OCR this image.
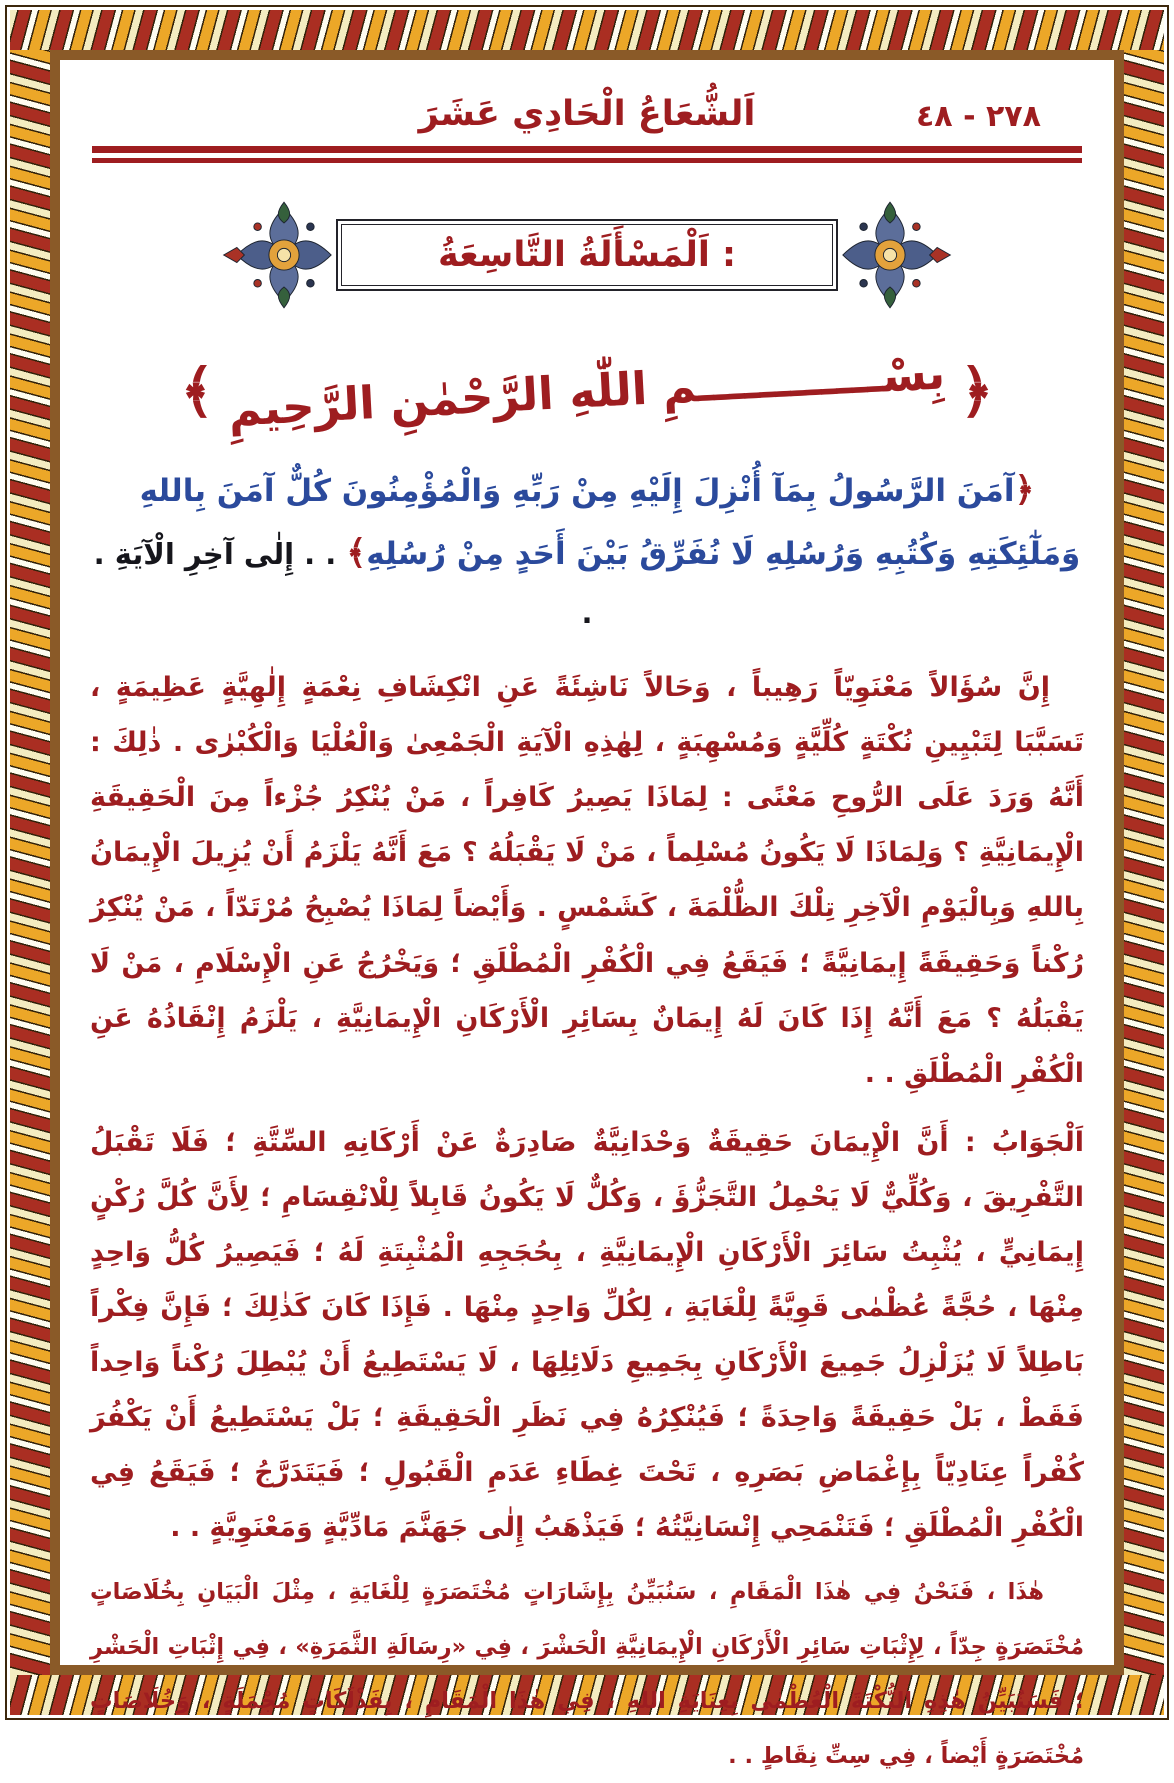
٢٧٨ - ٤٨
اَلشُّعَاعُ الْحَادِي عَشَرَ
اَلْمَسْأَلَةُ التَّاسِعَةُ :
﴿
بِسْــــــــــــمِ اللّٰهِ الرَّحْمٰنِ الرَّحِيمِ
﴾
﴿آمَنَ الرَّسُولُ بِمَآ أُنْزِلَ إِلَيْهِ مِنْ رَبِّهِ وَالْمُؤْمِنُونَ كُلٌّ آمَنَ بِاللهِ وَمَلٰٓئِكَتِهِ وَكُتُبِهِ وَرُسُلِهِ لَا نُفَرِّقُ بَيْنَ أَحَدٍ مِنْ رُسُلِهِ﴾ . . إِلٰى آخِرِ الْآيَةِ . .

إِنَّ سُؤَالاً مَعْنَوِيّاً رَهِيباً ، وَحَالاً نَاشِئَةً عَنِ انْكِشَافِ نِعْمَةٍ إِلٰهِيَّةٍ عَظِيمَةٍ ، تَسَبَّبَا لِتَبْيِينِ نُكْتَةٍ كُلِّيَّةٍ وَمُسْهِبَةٍ ، لِهٰذِهِ الْآيَةِ الْجَمْعِىٰ وَالْعُلْيَا وَالْكُبْرٰى . ذٰلِكَ : أَنَّهُ وَرَدَ عَلَى الرُّوحِ مَعْنًى : لِمَاذَا يَصِيرُ كَافِراً ، مَنْ يُنْكِرُ جُزْءاً مِنَ الْحَقِيقَةِ الْإِيمَانِيَّةِ ؟ وَلِمَاذَا لَا يَكُونُ مُسْلِماً ، مَنْ لَا يَقْبَلُهُ ؟ مَعَ أَنَّهُ يَلْزَمُ أَنْ يُزِيلَ الْإِيمَانُ بِاللهِ وَبِالْيَوْمِ الْآخِرِ تِلْكَ الظُّلْمَةَ ، كَشَمْسٍ . وَأَيْضاً لِمَاذَا يُصْبِحُ مُرْتَدّاً ، مَنْ يُنْكِرُ رُكْناً وَحَقِيقَةً إِيمَانِيَّةً ؛ فَيَقَعُ فِي الْكُفْرِ الْمُطْلَقِ ؛ وَيَخْرُجُ عَنِ الْإِسْلَامِ ، مَنْ لَا يَقْبَلُهُ ؟ مَعَ أَنَّهُ إِذَا كَانَ لَهُ إِيمَانٌ بِسَائِرِ الْأَرْكَانِ الْإِيمَانِيَّةِ ، يَلْزَمُ إِنْقَاذُهُ عَنِ الْكُفْرِ الْمُطْلَقِ . .

اَلْجَوَابُ : أَنَّ الْإِيمَانَ حَقِيقَةٌ وَحْدَانِيَّةٌ صَادِرَةٌ عَنْ أَرْكَانِهِ السِّتَّةِ ؛ فَلَا تَقْبَلُ التَّفْرِيقَ ، وَكُلِّيٌّ لَا يَحْمِلُ التَّجَزُّؤَ ، وَكُلٌّ لَا يَكُونُ قَابِلاً لِلْانْقِسَامِ ؛ لِأَنَّ كُلَّ رُكْنٍ إِيمَانِيٍّ ، يُثْبِتُ سَائِرَ الْأَرْكَانِ الْإِيمَانِيَّةِ ، بِحُجَجِهِ الْمُثْبِتَةِ لَهُ ؛ فَيَصِيرُ كُلُّ وَاحِدٍ مِنْهَا ، حُجَّةً عُظْمٰى قَوِيَّةً لِلْغَايَةِ ، لِكُلِّ وَاحِدٍ مِنْهَا . فَإِذَا كَانَ كَذٰلِكَ ؛ فَإِنَّ فِكْراً بَاطِلاً لَا يُزَلْزِلُ جَمِيعَ الْأَرْكَانِ بِجَمِيعِ دَلَائِلِهَا ، لَا يَسْتَطِيعُ أَنْ يُبْطِلَ رُكْناً وَاحِداً فَقَطْ ، بَلْ حَقِيقَةً وَاحِدَةً ؛ فَيُنْكِرُهُ فِي نَظَرِ الْحَقِيقَةِ ؛ بَلْ يَسْتَطِيعُ أَنْ يَكْفُرَ كُفْراً عِنَادِيّاً بِإِغْمَاضِ بَصَرِهِ ، تَحْتَ غِطَاءِ عَدَمِ الْقَبُولِ ؛ فَيَتَدَرَّجُ ؛ فَيَقَعُ فِي الْكُفْرِ الْمُطْلَقِ ؛ فَتَنْمَحِي إِنْسَانِيَّتُهُ ؛ فَيَذْهَبُ إِلٰى جَهَنَّمَ مَادِّيَّةٍ وَمَعْنَوِيَّةٍ . .

هٰذَا ، فَنَحْنُ فِي هٰذَا الْمَقَامِ ، سَنُبَيِّنُ بِإِشَارَاتٍ مُخْتَصَرَةٍ لِلْغَايَةِ ، مِثْلَ الْبَيَانِ بِخُلَاصَاتٍ مُخْتَصَرَةٍ جِدّاً ، لِإِثْبَاتِ سَائِرِ الْأَرْكَانِ الْإِيمَانِيَّةِ الْحَشْرَ ، فِي «رِسَالَةِ الثَّمَرَةِ» ، فِي إِثْبَاتِ الْحَشْرِ ؛ فَسَنُبَيِّنُ هٰذِهِ النُّكْتَةَ الْعُظْمٰى بِعِنَايَةِ اللهِ ، فِي هٰذَا الْمَقَامِ ، بِفَذْلَكَاتٍ مُجْمَلَةٍ ، وَخُلَاصَاتٍ مُخْتَصَرَةٍ أَيْضاً ، فِي سِتِّ نِقَاطٍ . .
